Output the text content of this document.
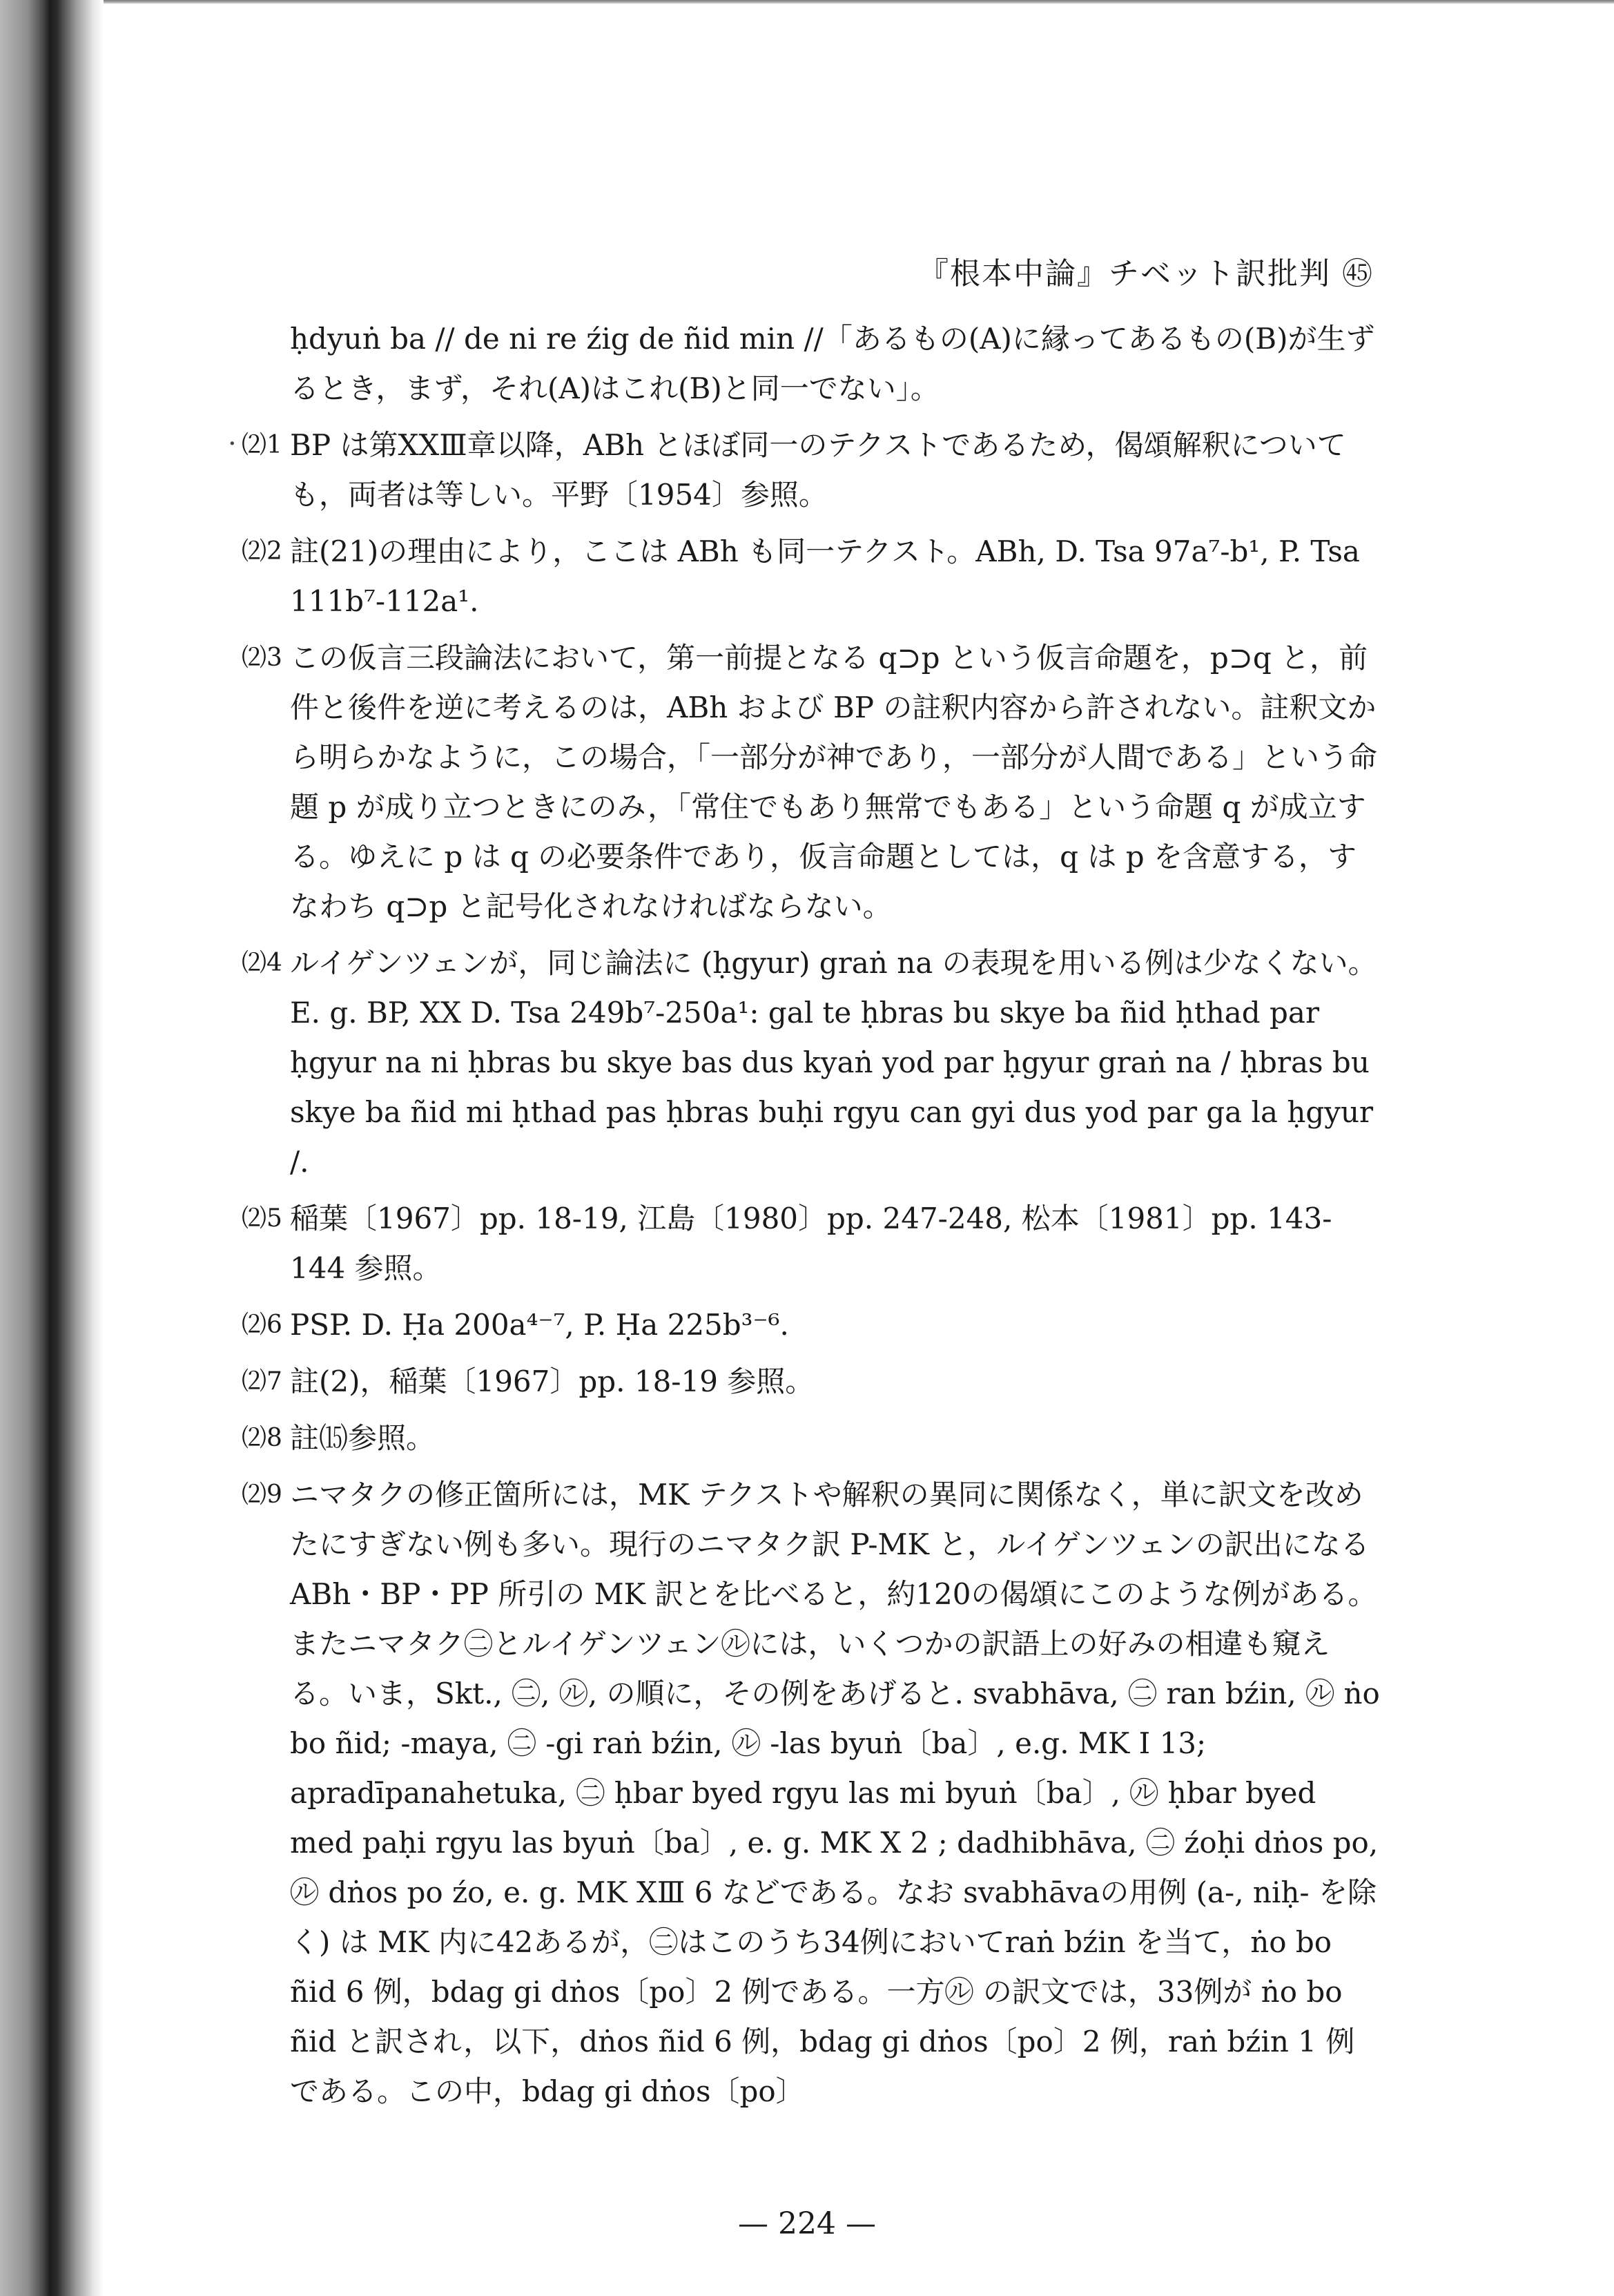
『根本中論』チベット訳批判 ㊺
·

ḥdyuṅ ba // de ni re źig de ñid min //「あるもの(A)に縁ってあるもの(B)が生ずるとき，まず，それ(A)はこれ(B)と同一でない」。

⑵1 BP は第XXⅢ章以降，ABh とほぼ同一のテクストであるため，偈頌解釈についても，両者は等しい。平野〔1954〕参照。
⑵2 註(21)の理由により，ここは ABh も同一テクスト。ABh, D. Tsa 97a⁷-b¹, P. Tsa 111b⁷-112a¹.
⑵3 この仮言三段論法において，第一前提となる q⊃p という仮言命題を，p⊃q と，前件と後件を逆に考えるのは，ABh および BP の註釈内容から許されない。註釈文から明らかなように，この場合，「一部分が神であり，一部分が人間である」という命題 p が成り立つときにのみ，「常住でもあり無常でもある」という命題 q が成立する。ゆえに p は q の必要条件であり，仮言命題としては，q は p を含意する，すなわち q⊃p と記号化されなければならない。
⑵4 ルイゲンツェンが，同じ論法に (ḥgyur) graṅ na の表現を用いる例は少なくない。E. g. BP, XX D. Tsa 249b⁷-250a¹: gal te ḥbras bu skye ba ñid ḥthad par ḥgyur na ni ḥbras bu skye bas dus kyaṅ yod par ḥgyur graṅ na / ḥbras bu skye ba ñid mi ḥthad pas ḥbras buḥi rgyu can gyi dus yod par ga la ḥgyur /.
⑵5 稲葉〔1967〕pp. 18-19, 江島〔1980〕pp. 247-248, 松本〔1981〕pp. 143-144 参照。
⑵6 PSP. D. Ḥa 200a⁴⁻⁷, P. Ḥa 225b³⁻⁶.
⑵7 註(2)，稲葉〔1967〕pp. 18-19 参照。
⑵8 註⒂参照。
⑵9 ニマタクの修正箇所には，MK テクストや解釈の異同に関係なく，単に訳文を改めたにすぎない例も多い。現行のニマタク訳 P-MK と，ルイゲンツェンの訳出になるABh・BP・PP 所引の MK 訳とを比べると，約120の偈頌にこのような例がある。またニマタク㊁とルイゲンツェン㋸には，いくつかの訳語上の好みの相違も窺える。いま，Skt., ㊁, ㋸, の順に，その例をあげると. svabhāva, ㊁ ran bźin, ㋸ ṅo bo ñid; -maya, ㊁ -gi raṅ bźin, ㋸ -las byuṅ〔ba〕, e.g. MK Ⅰ 13; apradīpanahetuka, ㊁ ḥbar byed rgyu las mi byuṅ〔ba〕, ㋸ ḥbar byed med paḥi rgyu las byuṅ〔ba〕, e. g. MK Ⅹ 2 ; dadhibhāva, ㊁ źoḥi dṅos po, ㋸ dṅos po źo, e. g. MK ⅩⅢ 6 などである。なお svabhāvaの用例 (a-, niḥ- を除く) は MK 内に42あるが，㊁はこのうち34例においてraṅ bźin を当て，ṅo bo ñid 6 例，bdag gi dṅos〔po〕2 例である。一方㋸ の訳文では，33例が ṅo bo ñid と訳され，以下，dṅos ñid 6 例，bdag gi dṅos〔po〕2 例，raṅ bźin 1 例である。この中，bdag gi dṅos〔po〕
— 224 —
